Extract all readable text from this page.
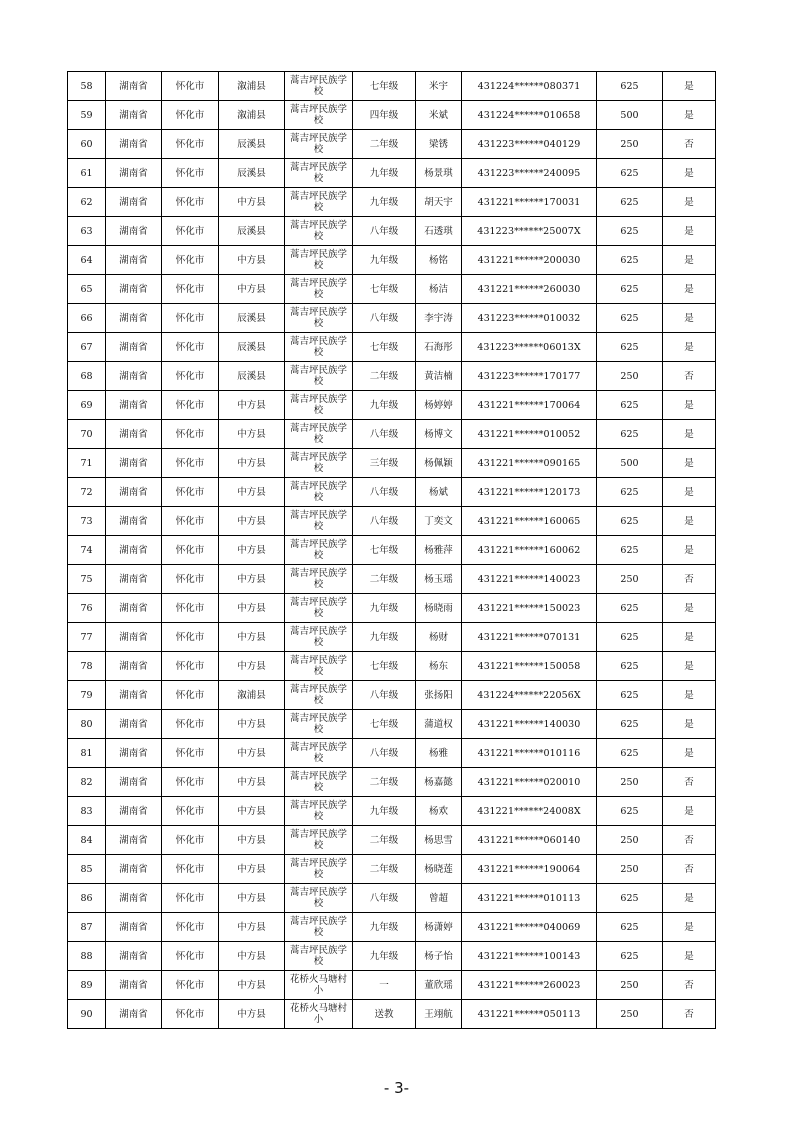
58	湖南省	怀化市	溆浦县	蒿吉坪民族学校	七年级	米宇	431224******080371	625	是
59	湖南省	怀化市	溆浦县	蒿吉坪民族学校	四年级	米斌	431224******010658	500	是
60	湖南省	怀化市	辰溪县	蒿吉坪民族学校	二年级	梁锈	431223******040129	250	否
61	湖南省	怀化市	辰溪县	蒿吉坪民族学校	九年级	杨景琪	431223******240095	625	是
62	湖南省	怀化市	中方县	蒿吉坪民族学校	九年级	胡天宇	431221******170031	625	是
63	湖南省	怀化市	辰溪县	蒿吉坪民族学校	八年级	石透琪	431223******25007X	625	是
64	湖南省	怀化市	中方县	蒿吉坪民族学校	九年级	杨铭	431221******200030	625	是
65	湖南省	怀化市	中方县	蒿吉坪民族学校	七年级	杨洁	431221******260030	625	是
66	湖南省	怀化市	辰溪县	蒿吉坪民族学校	八年级	李宇涛	431223******010032	625	是
67	湖南省	怀化市	辰溪县	蒿吉坪民族学校	七年级	石海彤	431223******06013X	625	是
68	湖南省	怀化市	辰溪县	蒿吉坪民族学校	二年级	黄洁楠	431223******170177	250	否
69	湖南省	怀化市	中方县	蒿吉坪民族学校	九年级	杨婷婷	431221******170064	625	是
70	湖南省	怀化市	中方县	蒿吉坪民族学校	八年级	杨博文	431221******010052	625	是
71	湖南省	怀化市	中方县	蒿吉坪民族学校	三年级	杨佩颖	431221******090165	500	是
72	湖南省	怀化市	中方县	蒿吉坪民族学校	八年级	杨斌	431221******120173	625	是
73	湖南省	怀化市	中方县	蒿吉坪民族学校	八年级	丁奕文	431221******160065	625	是
74	湖南省	怀化市	中方县	蒿吉坪民族学校	七年级	杨雅萍	431221******160062	625	是
75	湖南省	怀化市	中方县	蒿吉坪民族学校	二年级	杨玉瑶	431221******140023	250	否
76	湖南省	怀化市	中方县	蒿吉坪民族学校	九年级	杨晓雨	431221******150023	625	是
77	湖南省	怀化市	中方县	蒿吉坪民族学校	九年级	杨财	431221******070131	625	是
78	湖南省	怀化市	中方县	蒿吉坪民族学校	七年级	杨东	431221******150058	625	是
79	湖南省	怀化市	溆浦县	蒿吉坪民族学校	八年级	张扬阳	431224******22056X	625	是
80	湖南省	怀化市	中方县	蒿吉坪民族学校	七年级	蒲道权	431221******140030	625	是
81	湖南省	怀化市	中方县	蒿吉坪民族学校	八年级	杨雅	431221******010116	625	是
82	湖南省	怀化市	中方县	蒿吉坪民族学校	二年级	杨嘉懿	431221******020010	250	否
83	湖南省	怀化市	中方县	蒿吉坪民族学校	九年级	杨欢	431221******24008X	625	是
84	湖南省	怀化市	中方县	蒿吉坪民族学校	二年级	杨思雪	431221******060140	250	否
85	湖南省	怀化市	中方县	蒿吉坪民族学校	二年级	杨晓莲	431221******190064	250	否
86	湖南省	怀化市	中方县	蒿吉坪民族学校	八年级	曾超	431221******010113	625	是
87	湖南省	怀化市	中方县	蒿吉坪民族学校	九年级	杨潇婷	431221******040069	625	是
88	湖南省	怀化市	中方县	蒿吉坪民族学校	九年级	杨子怡	431221******100143	625	是
89	湖南省	怀化市	中方县	花桥火马塘村小	一	董欣瑶	431221******260023	250	否
90	湖南省	怀化市	中方县	花桥火马塘村小	送教	王翊航	431221******050113	250	否
- 3-
